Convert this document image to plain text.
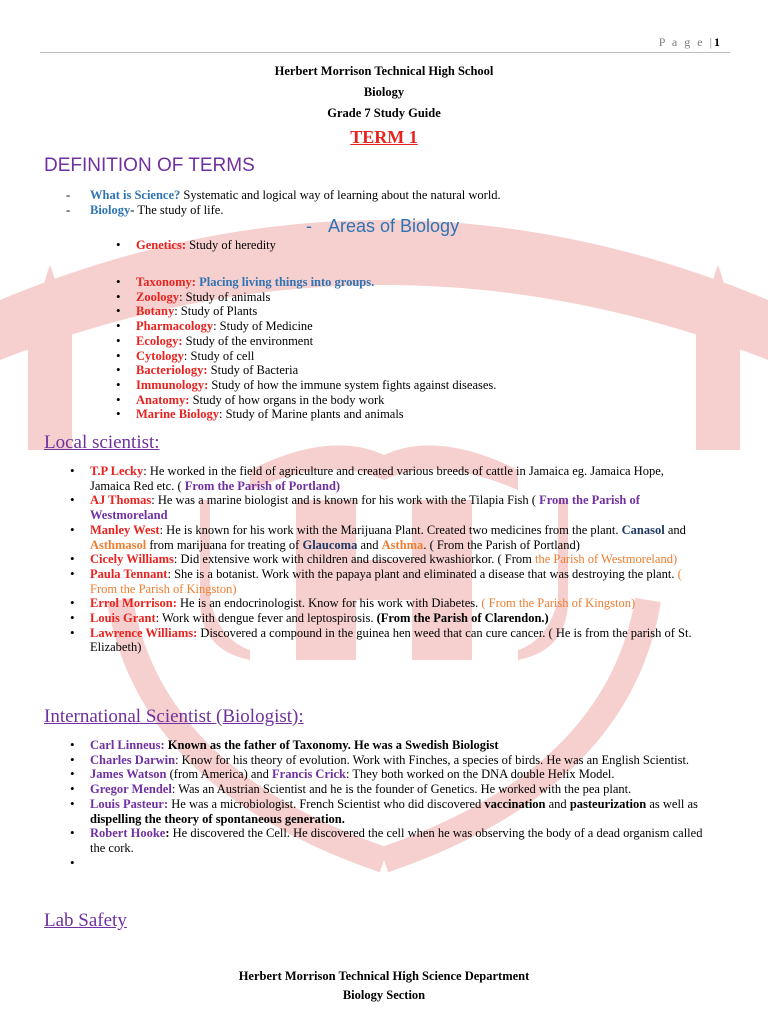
P a g e |1
Herbert Morrison Technical High School
Biology
Grade 7 Study Guide
TERM 1
DEFINITION OF TERMS
- What is Science? Systematic and logical way of learning about the natural world.
- Biology- The study of life.
- Areas of Biology
• Genetics: Study of heredity
• Taxonomy: Placing living things into groups.
• Zoology: Study of animals
• Botany: Study of Plants
• Pharmacology: Study of Medicine
• Ecology: Study of the environment
• Cytology: Study of cell
• Bacteriology: Study of Bacteria
• Immunology: Study of how the immune system fights against diseases.
• Anatomy: Study of how organs in the body work
• Marine Biology: Study of Marine plants and animals
Local scientist:
• T.P Lecky: He worked in the field of agriculture and created various breeds of cattle in Jamaica eg. Jamaica Hope, Jamaica Red etc. ( From the Parish of Portland)
• AJ Thomas: He was a marine biologist and is known for his work with the Tilapia Fish ( From the Parish of Westmoreland
• Manley West: He is known for his work with the Marijuana Plant. Created two medicines from the plant. Canasol and Asthmasol from marijuana for treating of Glaucoma and Asthma. ( From the Parish of Portland)
• Cicely Williams: Did extensive work with children and discovered kwashiorkor. ( From the Parish of Westmoreland)
• Paula Tennant: She is a botanist. Work with the papaya plant and eliminated a disease that was destroying the plant. ( From the Parish of Kingston)
• Errol Morrison: He is an endocrinologist. Know for his work with Diabetes. ( From the Parish of Kingston)
• Louis Grant: Work with dengue fever and leptospirosis. (From the Parish of Clarendon.)
• Lawrence Williams: Discovered a compound in the guinea hen weed that can cure cancer. ( He is from the parish of St. Elizabeth)
International Scientist (Biologist):
• Carl Linneus: Known as the father of Taxonomy. He was a Swedish Biologist
• Charles Darwin: Know for his theory of evolution. Work with Finches, a species of birds. He was an English Scientist.
• James Watson (from America) and Francis Crick: They both worked on the DNA double Helix Model.
• Gregor Mendel: Was an Austrian Scientist and he is the founder of Genetics. He worked with the pea plant.
• Louis Pasteur: He was a microbiologist. French Scientist who did discovered vaccination and pasteurization as well as dispelling the theory of spontaneous generation.
• Robert Hooke: He discovered the Cell. He discovered the cell when he was observing the body of a dead organism called the cork.
•
Lab Safety
Herbert Morrison Technical High Science Department
Biology Section
